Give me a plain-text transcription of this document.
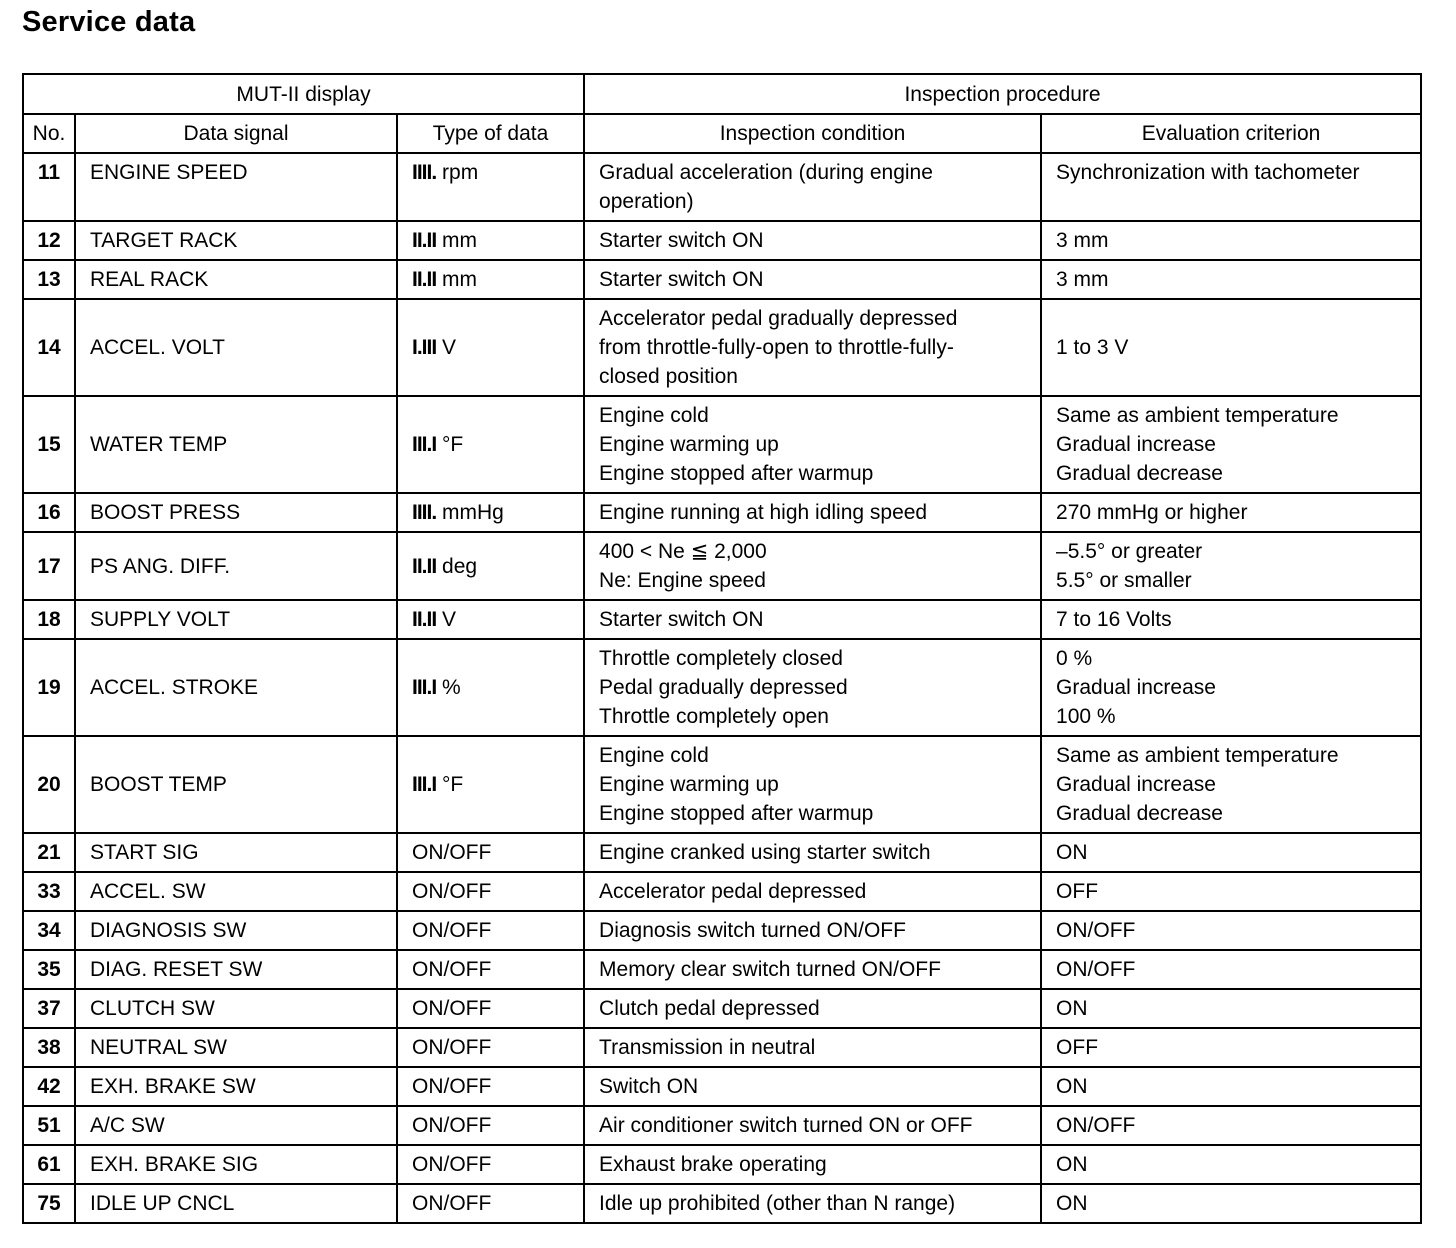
Service data
MUT-II display			Inspection procedure	
No.	Data signal	Type of data	Inspection condition	Evaluation criterion
11	ENGINE SPEED	IIII. rpm	Gradual acceleration (during engine
operation)	Synchronization with tachometer

12	TARGET RACK	II.II mm	Starter switch ON	3 mm

13	REAL RACK	II.II mm	Starter switch ON	3 mm

14	ACCEL. VOLT	I.III V	Accelerator pedal gradually depressed
from throttle-fully-open to throttle-fully-
closed position	1 to 3 V

15	WATER TEMP	III.I °F	Engine cold
Engine warming up
Engine stopped after warmup	Same as ambient temperature
Gradual increase
Gradual decrease

16	BOOST PRESS	IIII. mmHg	Engine running at high idling speed	270 mmHg or higher

17	PS ANG. DIFF.	II.II deg	400 < Ne ≦ 2,000
Ne: Engine speed	–5.5° or greater
5.5° or smaller

18	SUPPLY VOLT	II.II V	Starter switch ON	7 to 16 Volts

19	ACCEL. STROKE	III.I %	Throttle completely closed
Pedal gradually depressed
Throttle completely open	0 %
Gradual increase
100 %

20	BOOST TEMP	III.I °F	Engine cold
Engine warming up
Engine stopped after warmup	Same as ambient temperature
Gradual increase
Gradual decrease

21	START SIG	ON/OFF	Engine cranked using starter switch	ON

33	ACCEL. SW	ON/OFF	Accelerator pedal depressed	OFF

34	DIAGNOSIS SW	ON/OFF	Diagnosis switch turned ON/OFF	ON/OFF

35	DIAG. RESET SW	ON/OFF	Memory clear switch turned ON/OFF	ON/OFF

37	CLUTCH SW	ON/OFF	Clutch pedal depressed	ON

38	NEUTRAL SW	ON/OFF	Transmission in neutral	OFF

42	EXH. BRAKE SW	ON/OFF	Switch ON	ON

51	A/C SW	ON/OFF	Air conditioner switch turned ON or OFF	ON/OFF

61	EXH. BRAKE SIG	ON/OFF	Exhaust brake operating	ON

75	IDLE UP CNCL	ON/OFF	Idle up prohibited (other than N range)	ON
